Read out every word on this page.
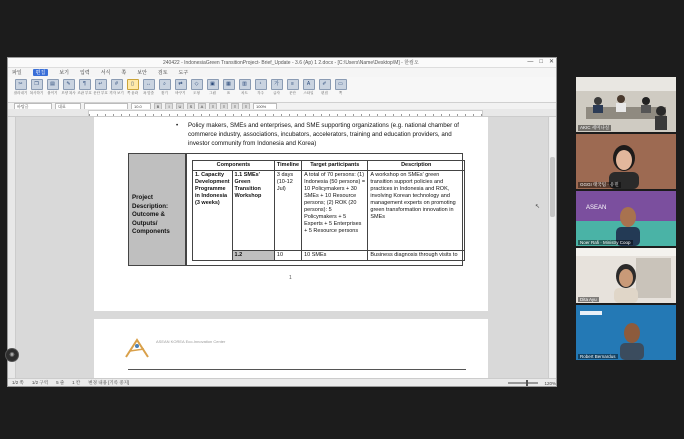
240422 - IndonesiaGreen TransitionProject- Brief_Update - 3.6 (Ap) 1 2.docx - [C:\Users\Name\Desktop\M] - 한컴오	— □ ✕
파일	편집	보기 입력 서식 쪽 보안 검토 도구
✂
잘라내기
❐
복사하기
▤
붙이기
✎
모양 복사
¶
조판 부호
↵
문단 부호
#
격자 보기
▯
쪽 윤곽
↔
폭 맞춤
⌕
찾기
⇄
바꾸기
◇
도형
▣
그림
▦
표
▥
차트
¹
각주
가
글자
≡
문단
A
스타일
✐
편집
▭
쪽
바탕글	대표	10.0	B	I	U	S	A	≡	≡	≡	≡	100%
• Policy makers, SMEs and enterprises, and SME supporting organizations (e.g. national chamber of commerce industry, associations, incubators, accelerators, training and education providers, and investor community from Indonesia and Korea)
Project Description: Outcome & Outputs/ Components
Components		Timeline	Target participants	Description
1. Capacity Development Programme in Indonesia (3 weeks)	1.1 SMEs' Green Transition Workshop	3 days (10-12 Jul)	A total of 70 persons: (1) Indonesia (50 persons) = 10 Policymakers + 30 SMEs + 10 Resource persons; (2) ROK (20 persons): 5 Policymakers + 5 Experts + 5 Enterprises + 5 Resource persons	A workshop on SMEs' green transition support policies and practices in Indonesia and ROK, involving Korean technology and management experts on promoting green transformation innovation in SMEs
	1.2	10	10 SMEs	Business diagnosis through visits to
1
ASEAN KOREA Eco-Innovation Center
1/2 쪽 1/2 구역 5 줄 1 칸 변경 내용 [기록 중지]	120%
↖
◉
AKIC 세미나실
GGGI 태국팀 · 유민
ASEAN
Noer Rafi · Ministry Coop
Dita Ayu
Robert Bernardus
